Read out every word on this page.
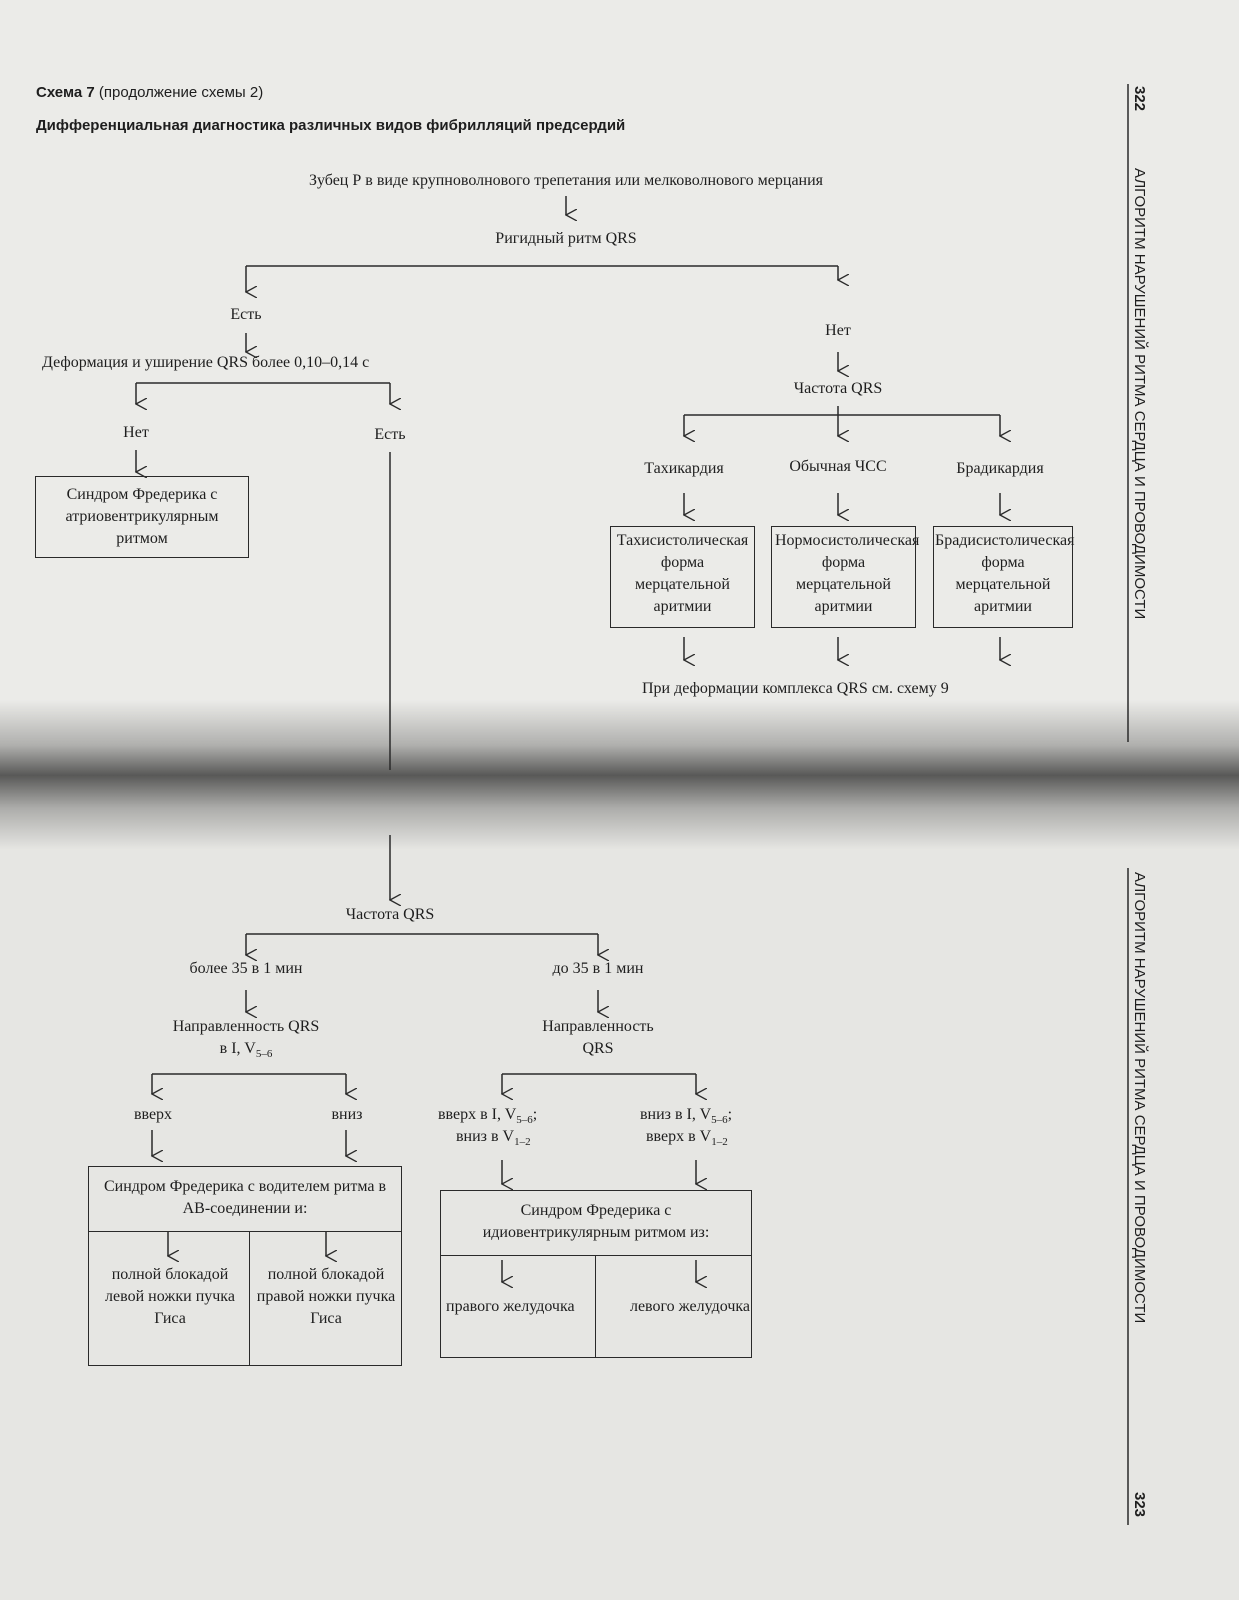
Схема 7 (продолжение схемы 2)
Дифференциальная диагностика различных видов фибрилляций предсердий
322
АЛГОРИТМ НАРУШЕНИЙ РИТМА СЕРДЦА И ПРОВОДИМОСТИ
АЛГОРИТМ НАРУШЕНИЙ РИТМА СЕРДЦА И ПРОВОДИМОСТИ
323
Зубец Р в виде крупноволнового трепетания или мелковолнового мерцания
Ригидный ритм QRS
Есть
Нет
Деформация и уширение QRS более 0,10–0,14 с
Нет	Есть
Синдром Фредерика с атриовентрикулярным ритмом
Частота QRS
Тахикардия	Обычная ЧСС	Брадикардия
Тахисистолическая форма мерцательной аритмии
Нормосистолическая форма мерцательной аритмии
Брадисистолическая форма мерцательной аритмии
При деформации комплекса QRS см. схему 9
Частота QRS
более 35 в 1 мин	до 35 в 1 мин
Направленность QRS
в I, $V_{5-6}$
Направленность
QRS
вверх	вниз	вверх в I, $V_{5-6}$;
вниз в $V_{1-2}$
вниз в I, $V_{5-6}$;
вверх в $V_{1-2}$
Синдром Фредерика с водителем ритма в АВ-соединении и:
полной блокадой левой ножки пучка Гиса
полной блокадой правой ножки пучка Гиса
Синдром Фредерика с идиовентрикулярным ритмом из:
правого желудочка	левого желудочка
